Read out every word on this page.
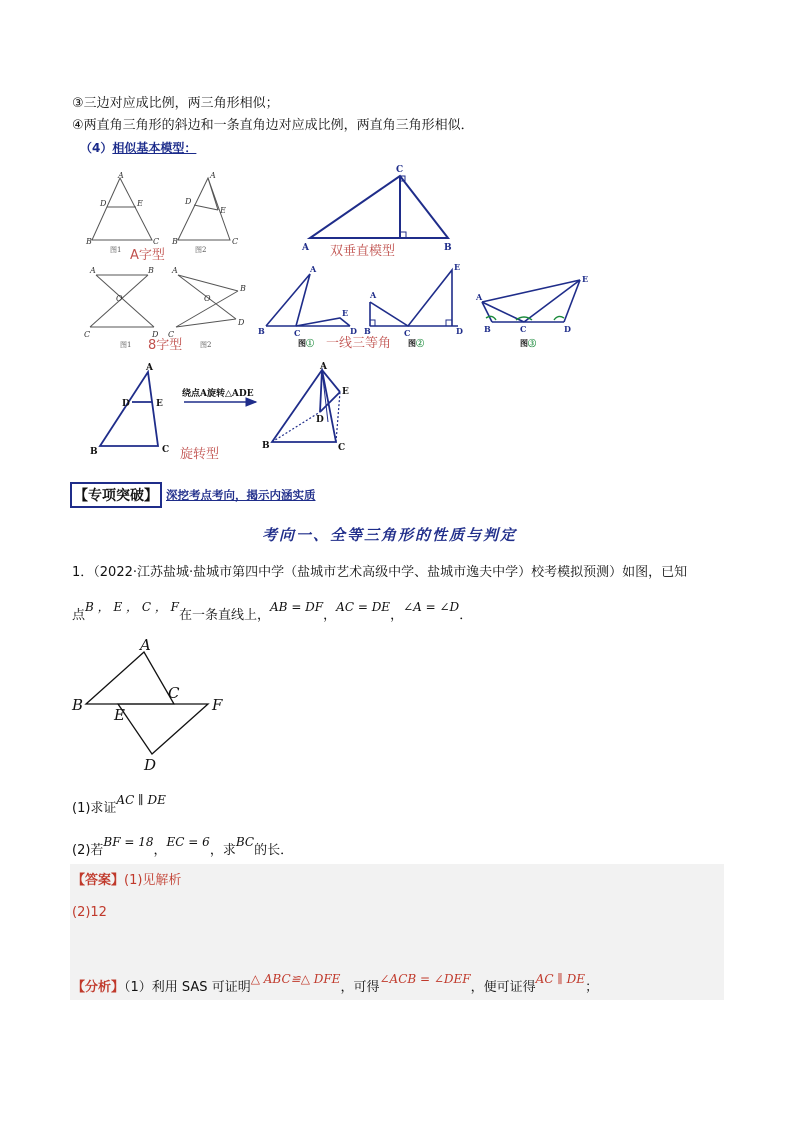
③三边对应成比例，两三角形相似；
④两直角三角形的斜边和一条直角边对应成比例，两直角三角形相似．
（4）相似基本模型：
A
D	E
B	C
A
D
E
B	C
图1	图2
A字型
C
A	B
双垂直模型
A	B
O
C	D
A
B
O
C
D
图1	图2
8字型
A
B	C
E
D
A
B	C
E
D
A
B	C	D
E
图①	图②	图③
一线三等角
A
D	E
B	C
A
E
D
B	C
绕点A旋转△ADE
旋转型
【专项突破】 深挖考点考向，揭示内涵实质
考向一、全等三角形的性质与判定
1．（2022·江苏盐城·盐城市第四中学（盐城市艺术高级中学、盐城市逸夫中学）校考模拟预测）如图，已知
点B ， E ， C ， F在一条直线上，AB = DF，AC = DE，∠A = ∠D．
A
B
C
E
F
D
(1)求证AC ∥ DE
(2)若BF = 18，EC = 6，求BC的长．
【答案】(1)见解析
(2)12
【分析】（1）利用 SAS 可证明△ ABC≌△ DFE，可得∠ACB = ∠DEF，便可证得AC ∥ DE；
